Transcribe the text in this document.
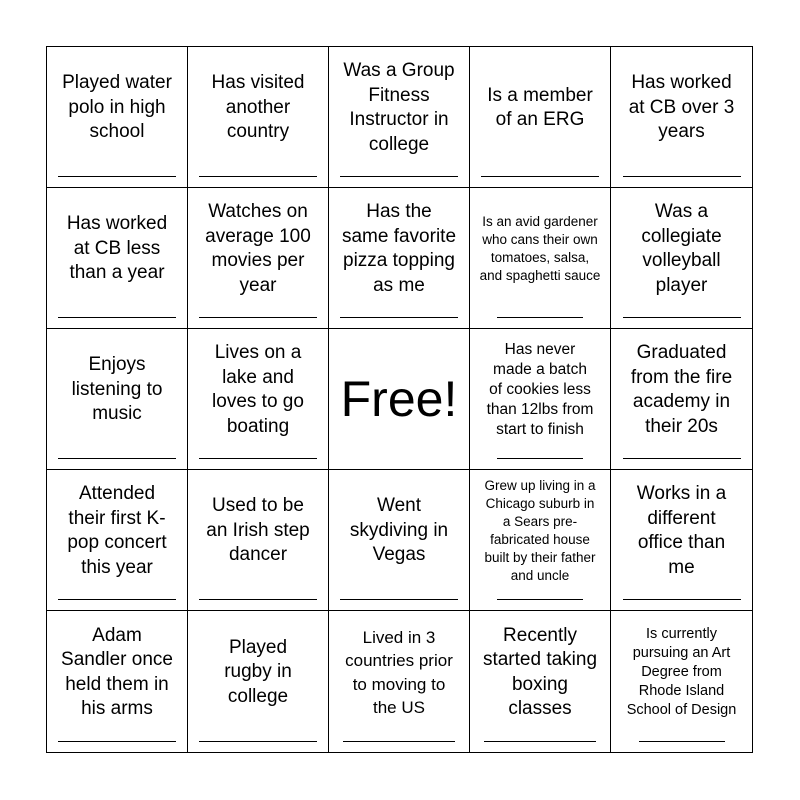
Played water
polo in high
school
Has visited
another
country
Was a Group
Fitness
Instructor in
college
Is a member
of an ERG
Has worked
at CB over 3
years
Has worked
at CB less
than a year
Watches on
average 100
movies per
year
Has the
same favorite
pizza topping
as me
Is an avid gardener
who cans their own
tomatoes, salsa,
and spaghetti sauce
Was a
collegiate
volleyball
player
Enjoys
listening to
music
Lives on a
lake and
loves to go
boating Free!
Has never
made a batch
of cookies less
than 12lbs from
start to finish
Graduated
from the fire
academy in
their 20s
Attended
their first K-
pop concert
this year
Used to be
an Irish step
dancer
Went
skydiving in
Vegas
Grew up living in a
Chicago suburb in
a Sears pre-
fabricated house
built by their father
and uncle
Works in a
different
office than
me
Adam
Sandler once
held them in
his arms
Played
rugby in
college
Lived in 3
countries prior
to moving to
the US
Recently
started taking
boxing
classes
Is currently
pursuing an Art
Degree from
Rhode Island
School of Design
